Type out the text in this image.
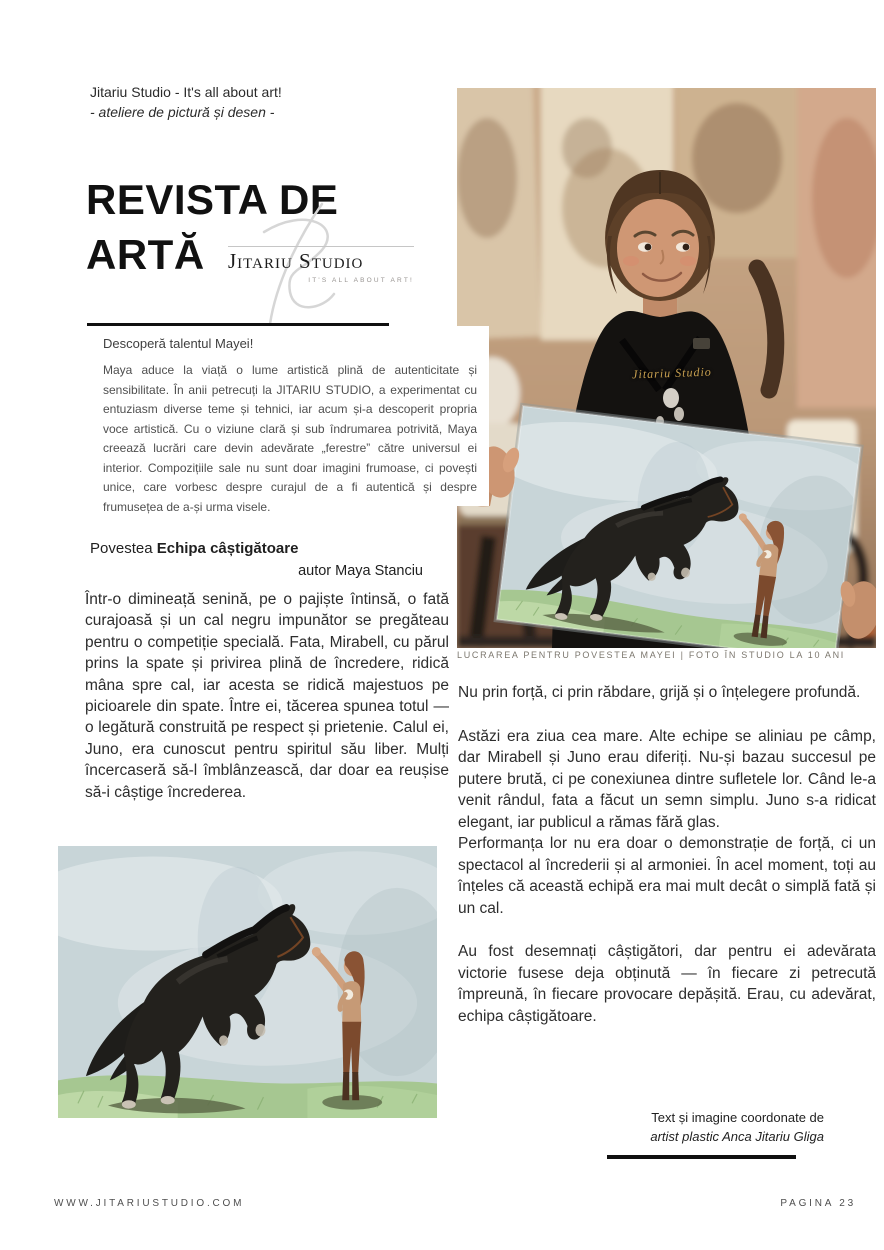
Jitariu Studio - It's all about art!
- ateliere de pictură și desen -
REVISTA DE
ARTĂ	Jitariu Studio
IT'S ALL ABOUT ART!
Jitariu Studio
Descoperă talentul Mayei!
Maya aduce la viață o lume artistică plină de autenticitate și sensibilitate. În anii petrecuți la JITARIU STUDIO, a experimentat cu entuziasm diverse teme și tehnici, iar acum și-a descoperit propria voce artistică. Cu o viziune clară și sub îndrumarea potrivită, Maya creează lucrări care devin adevărate „ferestre” către universul ei interior. Compozițiile sale nu sunt doar imagini frumoase, ci povești unice, care vorbesc despre curajul de a fi autentică și despre frumusețea de a-și urma visele.
Povestea Echipa câștigătoare
autor Maya Stanciu
Într-o dimineață senină, pe o pajiște întinsă, o fată curajoasă și un cal negru impunător se pregăteau pentru o competiție specială. Fata, Mirabell, cu părul prins la spate și privirea plină de încredere, ridică mâna spre cal, iar acesta se ridică majestuos pe picioarele din spate. Între ei, tăcerea spunea totul — o legătură construită pe respect și prietenie. Calul ei, Juno, era cunoscut pentru spiritul său liber. Mulți încercaseră să-l îmblânzească, dar doar ea reușise să-i câștige încrederea.
LUCRAREA PENTRU POVESTEA MAYEI | FOTO ÎN STUDIO LA 10 ANI

Nu prin forță, ci prin răbdare, grijă și o înțelegere profundă.

Astăzi era ziua cea mare. Alte echipe se aliniau pe câmp, dar Mirabell și Juno erau diferiți. Nu-și bazau succesul pe putere brută, ci pe conexiunea dintre sufletele lor. Când le-a venit rândul, fata a făcut un semn simplu. Juno s-a ridicat elegant, iar publicul a rămas fără glas.

Performanța lor nu era doar o demonstrație de forță, ci un spectacol al încrederii și al armoniei. În acel moment, toți au înțeles că această echipă era mai mult decât o simplă fată și un cal.

Au fost desemnați câștigători, dar pentru ei adevărata victorie fusese deja obținută — în fiecare zi petrecută împreună, în fiecare provocare depășită. Erau, cu adevărat, echipa câștigătoare.

Text și imagine coordonate de
artist plastic Anca Jitariu Gliga
WWW.JITARIUSTUDIO.COM	PAGINA 23
